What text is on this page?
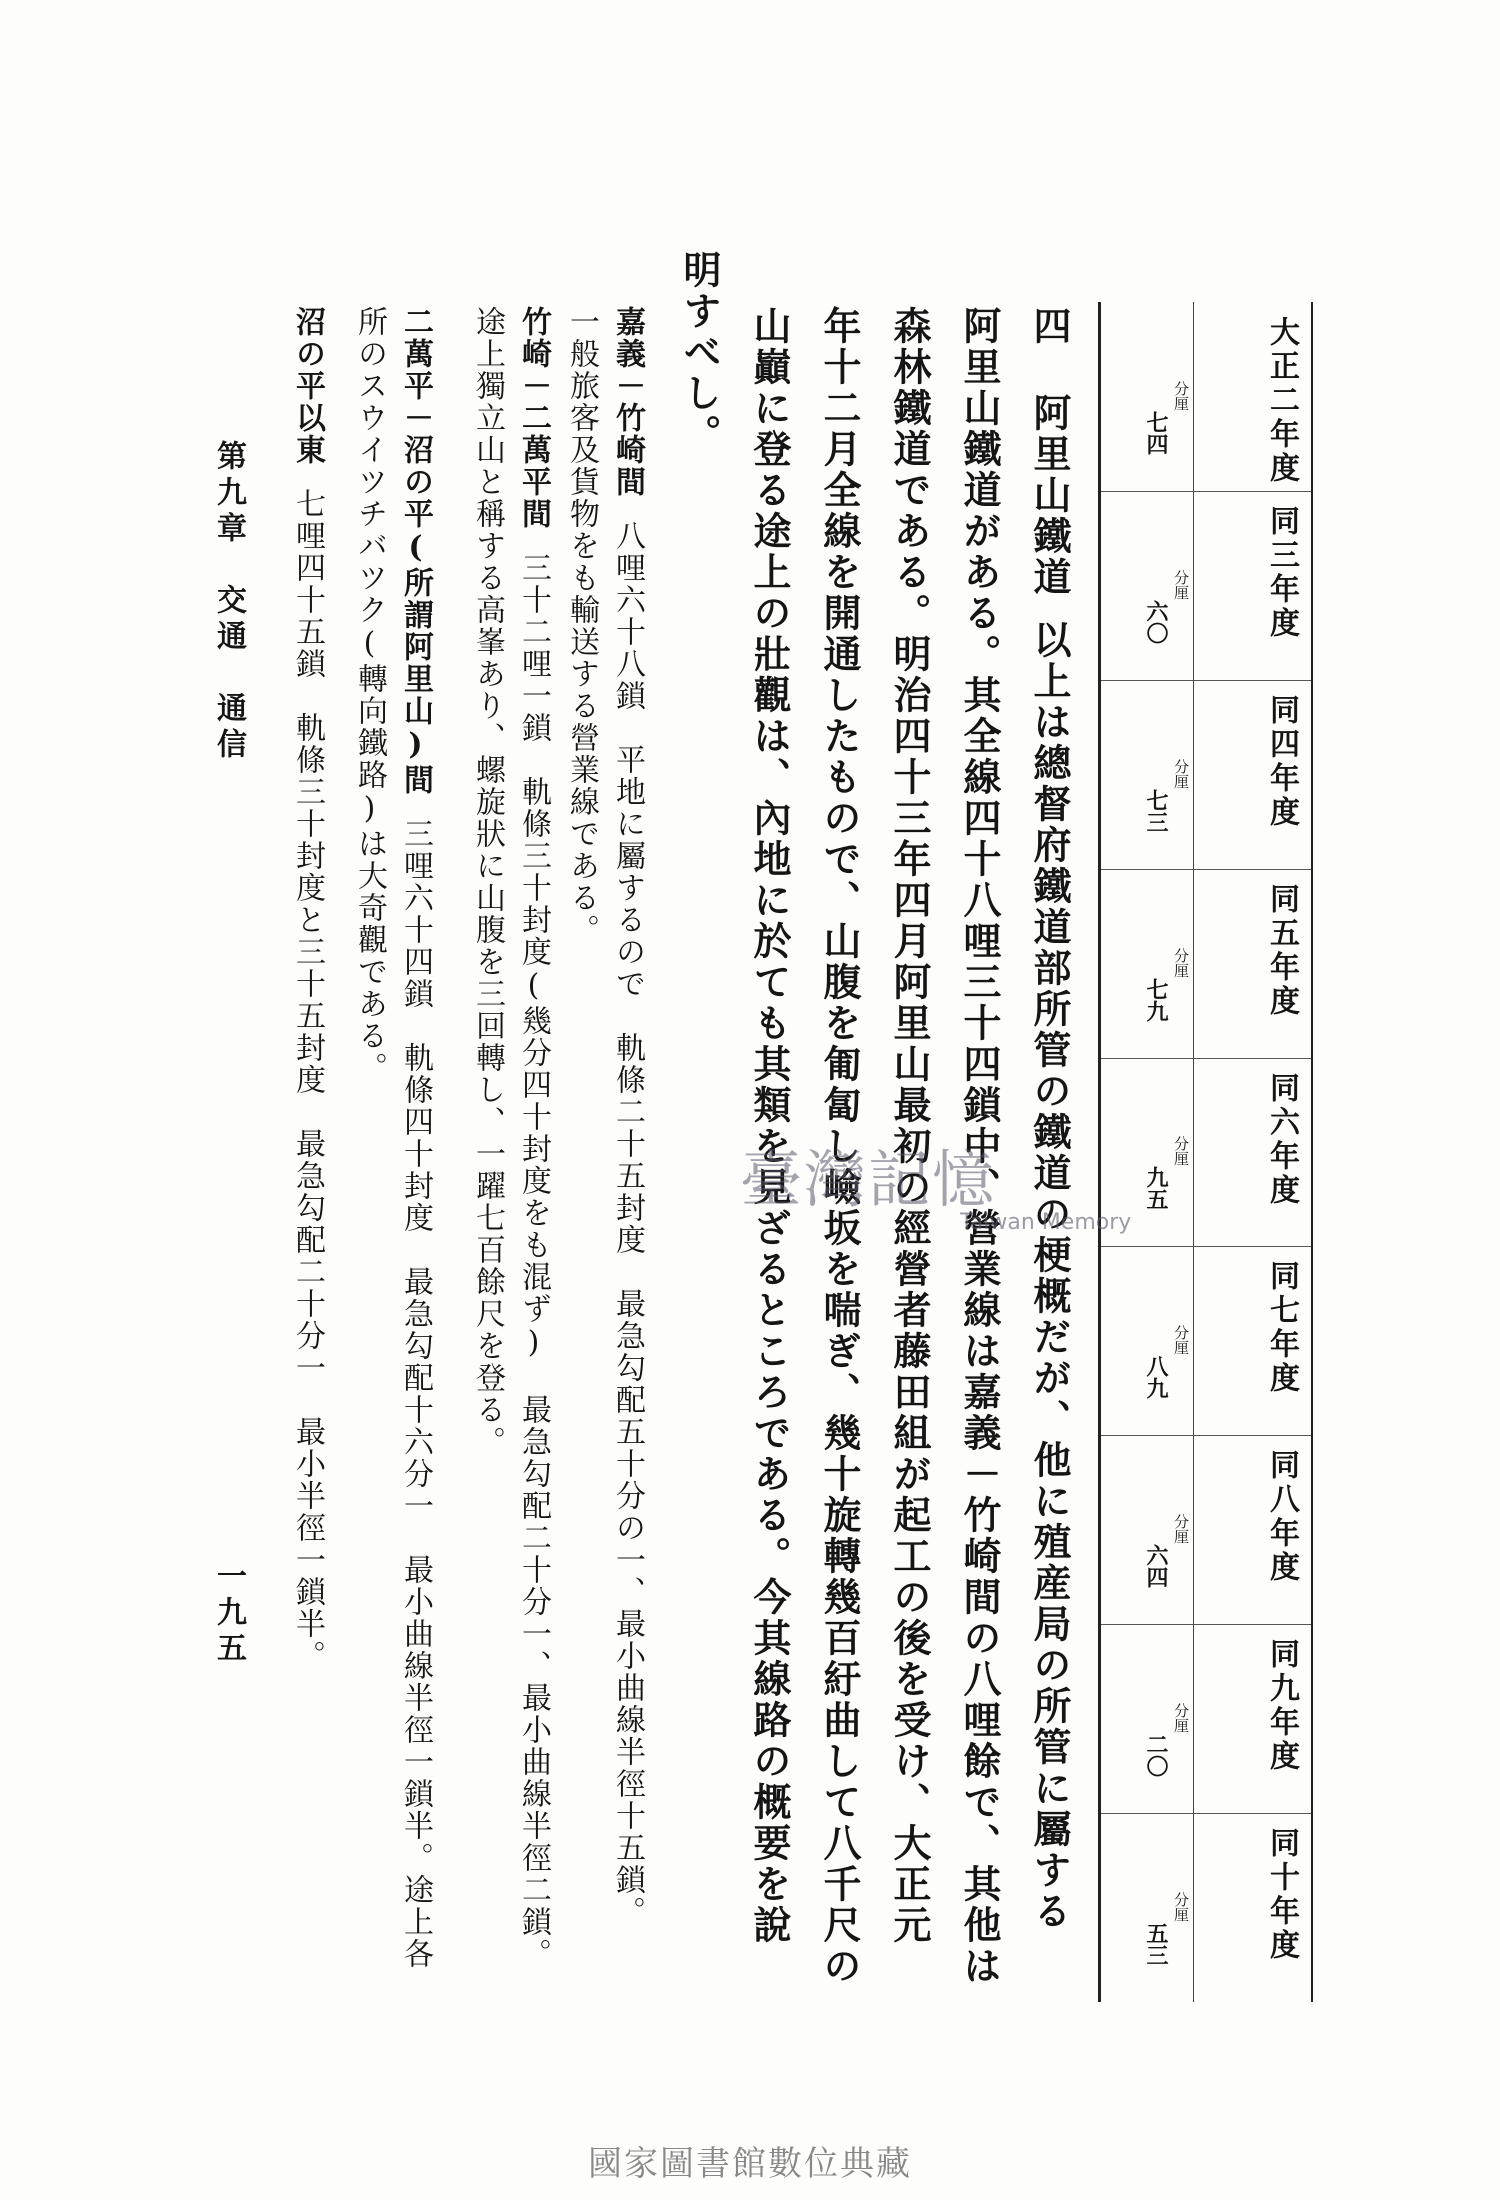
大正二年度
分厘
七四
同三年度
分厘
六〇
同四年度
分厘
七三
同五年度
分厘
七九
同六年度
分厘
九五
同七年度
分厘
八九
同八年度
分厘
六四
同九年度
分厘
二〇
同十年度
分厘
五三
四阿里山鐵道以上は總督府鐵道部所管の鐵道の梗概だが、他に殖産局の所管に屬する
阿里山鐵道がある。其全線四十八哩三十四鎖中、營業線は嘉義－竹崎間の八哩餘で、其他は
森林鐵道である。明治四十三年四月阿里山最初の經營者藤田組が起工の後を受け、大正元
年十二月全線を開通したもので、山腹を匍匐し嶮坂を喘ぎ、幾十旋轉幾百紆曲して八千尺の
山巓に登る途上の壯觀は、內地に於ても其類を見ざるところである。今其線路の概要を說
明すべし。
嘉義－竹崎間八哩六十八鎖　平地に屬するので　軌條二十五封度　最急勾配五十分の一、最小曲線半徑十五鎖。
一般旅客及貨物をも輸送する營業線である。
竹崎－二萬平間三十二哩一鎖　軌條三十封度(幾分四十封度をも混ず)　最急勾配二十分一、最小曲線半徑二鎖。
途上獨立山と稱する高峯あり、螺旋狀に山腹を三回轉し、一躍七百餘尺を登る。
二萬平－沼の平(所謂阿里山)間三哩六十四鎖　軌條四十封度　最急勾配十六分一　最小曲線半徑一鎖半。途上各
所のスウイツチバツク(轉向鐵路)は大奇觀である。
沼の平以東七哩四十五鎖　軌條三十封度と三十五封度　最急勾配二十分一　最小半徑一鎖半。
第九章　交通　通信
一九五
臺灣記憶
Taiwan Memory
國家圖書館數位典藏
